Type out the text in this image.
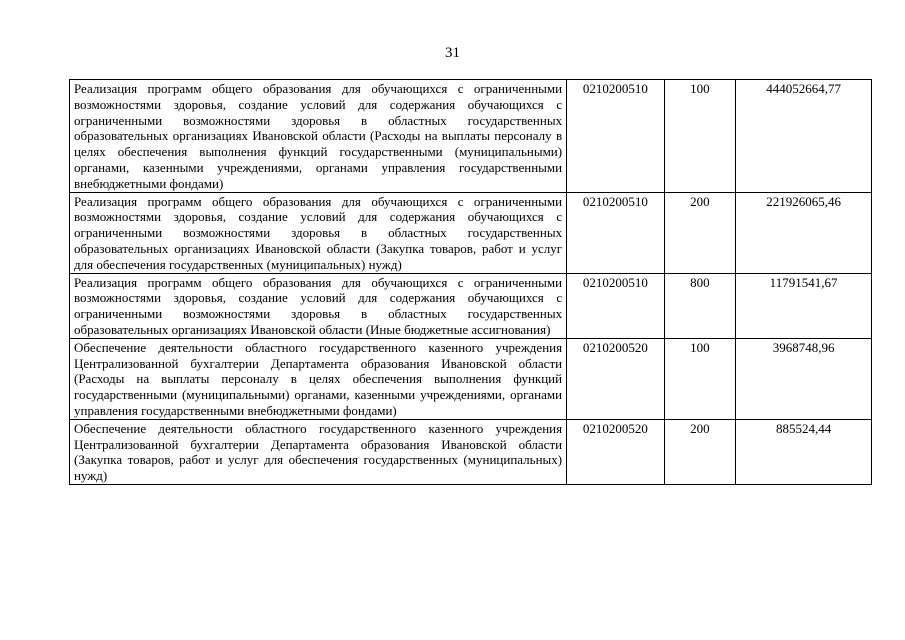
31
Реализация программ общего образования для обучающихся с ограниченными возможностями здоровья, создание условий для содержания обучающихся с ограниченными возможностями здоровья в областных государственных образовательных организациях Ивановской области (Расходы на выплаты персоналу в целях обеспечения выполнения функций государственными (муниципальными) органами, казенными учреждениями, органами управления государственными внебюджетными фондами)	0210200510	100	444052664,77
Реализация программ общего образования для обучающихся с ограниченными возможностями здоровья, создание условий для содержания обучающихся с ограниченными возможностями здоровья в областных государственных образовательных организациях Ивановской области (Закупка товаров, работ и услуг для обеспечения государственных (муниципальных) нужд)	0210200510	200	221926065,46
Реализация программ общего образования для обучающихся с ограниченными возможностями здоровья, создание условий для содержания обучающихся с ограниченными возможностями здоровья в областных государственных образовательных организациях Ивановской области (Иные бюджетные ассигнования)	0210200510	800	11791541,67
Обеспечение деятельности областного государственного казенного учреждения Централизованной бухгалтерии Департамента образования Ивановской области (Расходы на выплаты персоналу в целях обеспечения выполнения функций государственными (муниципальными) органами, казенными учреждениями, органами управления государственными внебюджетными фондами)	0210200520	100	3968748,96
Обеспечение деятельности областного государственного казенного учреждения Централизованной бухгалтерии Департамента образования Ивановской области (Закупка товаров, работ и услуг для обеспечения государственных (муниципальных) нужд)	0210200520	200	885524,44
